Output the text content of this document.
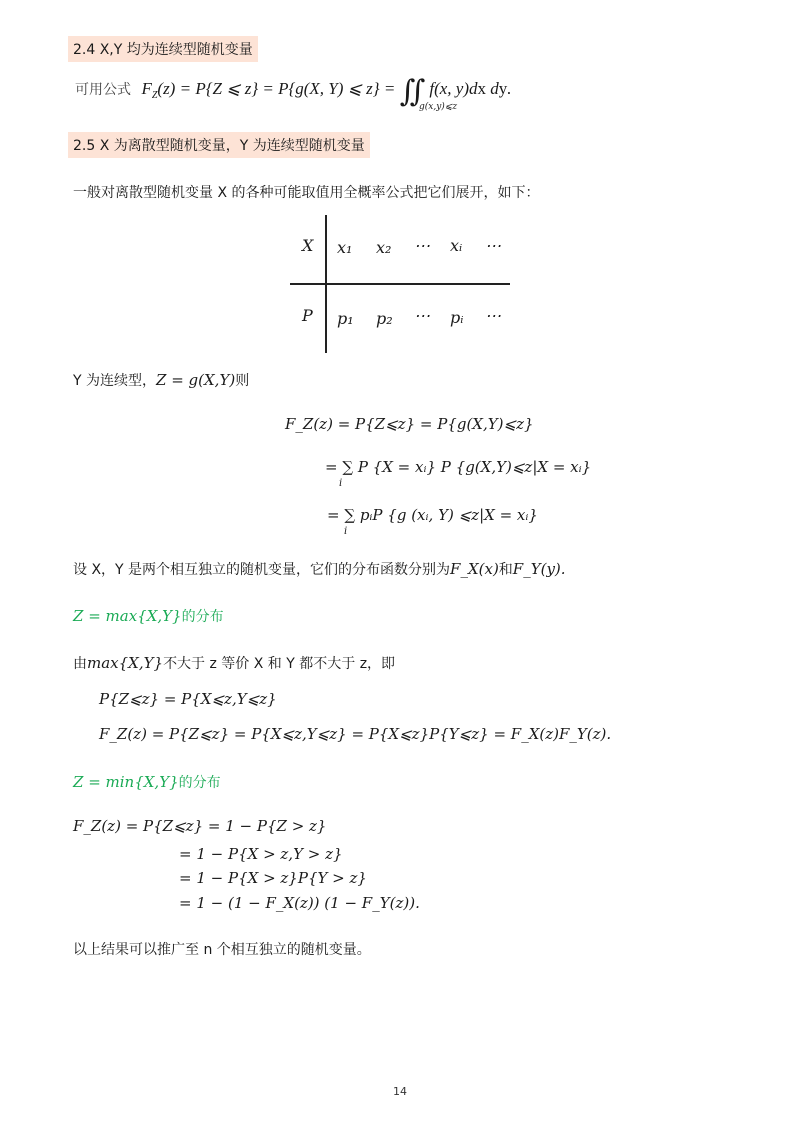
2.4 X,Y 均为连续型随机变量
可用公式 $F_Z(z) = P\{Z$ ⩽ z} = P{g(X, Y) ⩽ z} = ∬ f(x, y)dx dy.
g(x,y)⩽z
2.5 X 为离散型随机变量，Y 为连续型随机变量
一般对离散型随机变量 X 的各种可能取值用全概率公式把它们展开，如下：
X x₁ x₂ ⋯ xᵢ ⋯
P p₁ p₂ ⋯ pᵢ ⋯
Y 为连续型，Z = g(X,Y)则
F_Z(z) = P{Z⩽z} = P{g(X,Y)⩽z}
= ∑ P {X = xᵢ} P {g(X,Y)⩽z|X = xᵢ}
i
= ∑ pᵢP {g (xᵢ, Y) ⩽z|X = xᵢ}
i
设 X，Y 是两个相互独立的随机变量，它们的分布函数分别为F_X(x)和F_Y(y).
Z = max{X,Y}的分布
由max{X,Y}不大于 z 等价 X 和 Y 都不大于 z，即
P{Z⩽z} = P{X⩽z,Y⩽z}
F_Z(z) = P{Z⩽z} = P{X⩽z,Y⩽z} = P{X⩽z}P{Y⩽z} = F_X(z)F_Y(z).
Z = min{X,Y}的分布
F_Z(z) = P{Z⩽z} = 1 − P{Z > z}
= 1 − P{X > z,Y > z}
= 1 − P{X > z}P{Y > z}
= 1 − (1 − F_X(z)) (1 − F_Y(z)).
以上结果可以推广至 n 个相互独立的随机变量。
14
